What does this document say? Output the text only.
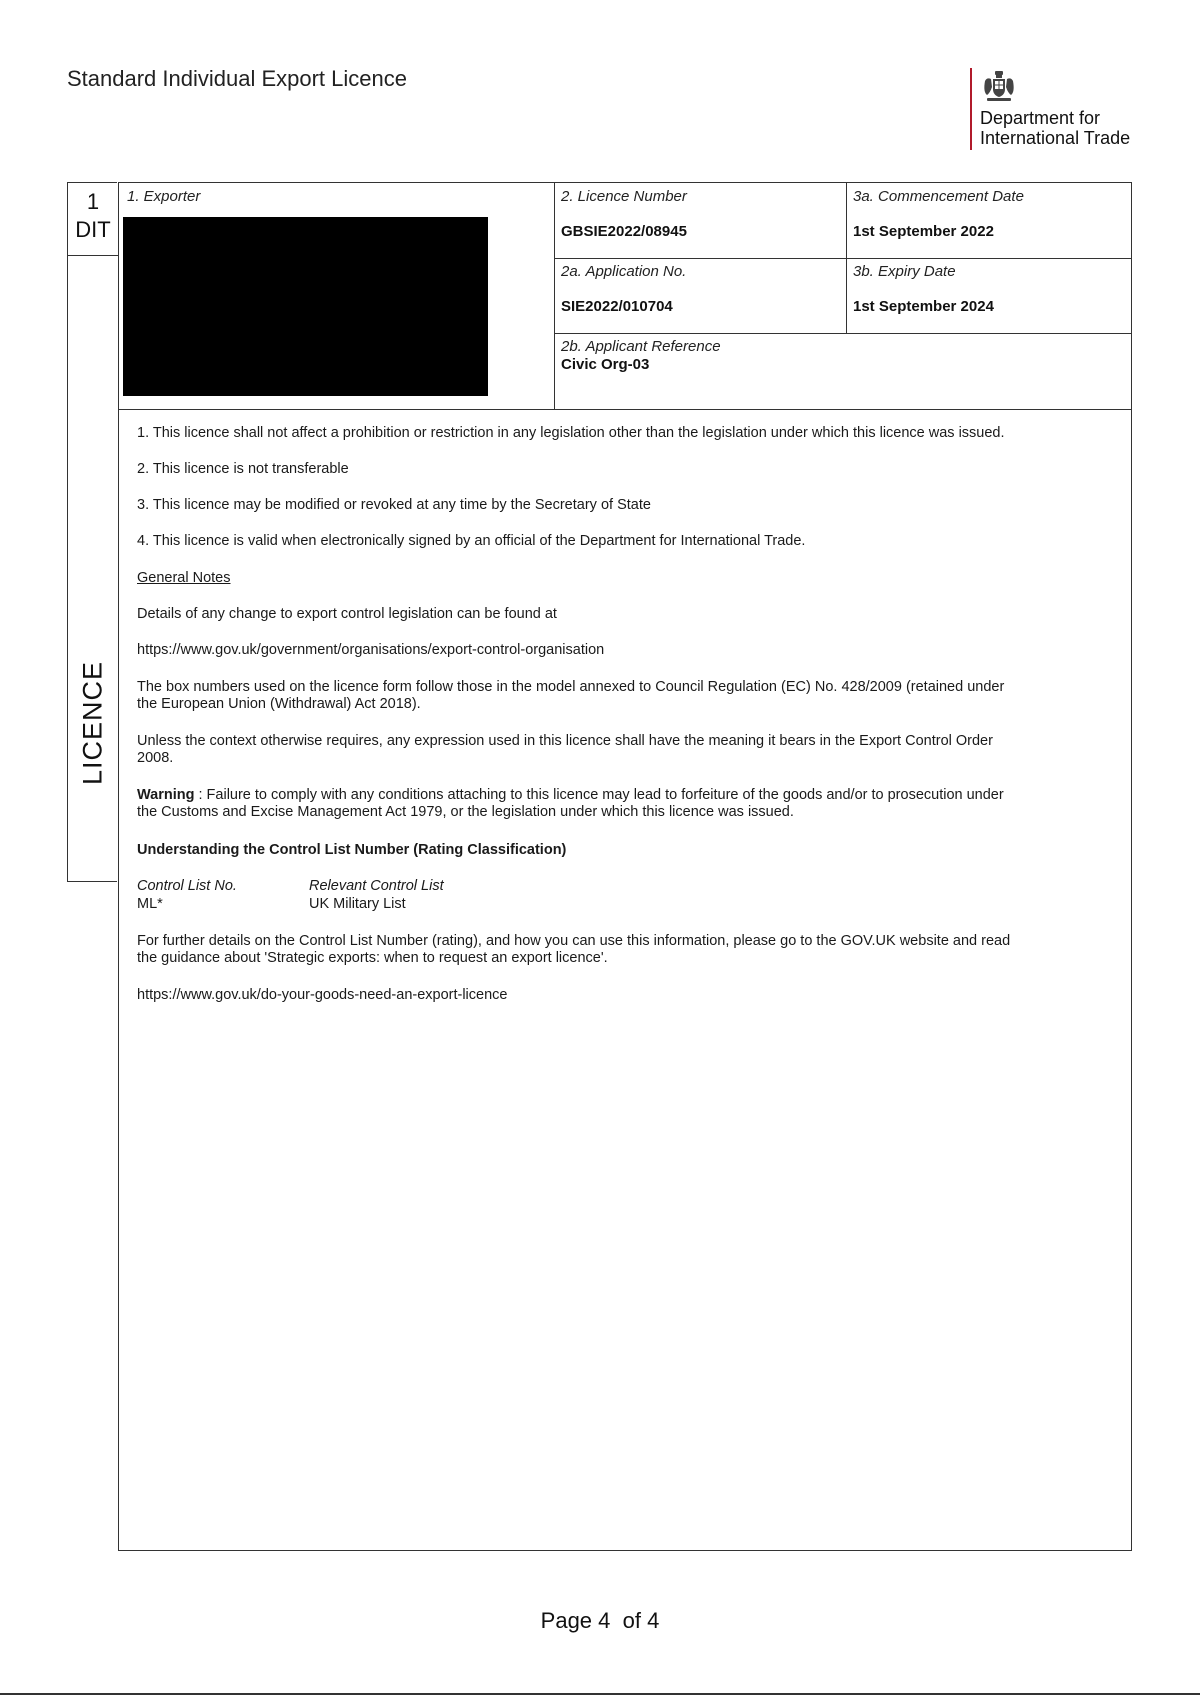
Standard Individual Export Licence
Department for
International Trade
1
DIT
LICENCE
1. Exporter	2. Licence Number
GBSIE2022/08945
3a. Commencement Date
1st September 2022
2a. Application No.
SIE2022/010704
3b. Expiry Date
1st September 2024
2b. Applicant Reference
Civic Org-03
1. This licence shall not affect a prohibition or restriction in any legislation other than the legislation under which this licence was issued.
2. This licence is not transferable
3. This licence may be modified or revoked at any time by the Secretary of State
4. This licence is valid when electronically signed by an official of the Department for International Trade.
General Notes
Details of any change to export control legislation can be found at
https://www.gov.uk/government/organisations/export-control-organisation
The box numbers used on the licence form follow those in the model annexed to Council Regulation (EC) No. 428/2009 (retained under
the European Union (Withdrawal) Act 2018).
Unless the context otherwise requires, any expression used in this licence shall have the meaning it bears in the Export Control Order
2008.
Warning : Failure to comply with any conditions attaching to this licence may lead to forfeiture of the goods and/or to prosecution under
the Customs and Excise Management Act 1979, or the legislation under which this licence was issued.
Understanding the Control List Number (Rating Classification)
Control List No.	Relevant Control List
ML*	UK Military List
For further details on the Control List Number (rating), and how you can use this information, please go to the GOV.UK website and read
the guidance about 'Strategic exports: when to request an export licence'.
https://www.gov.uk/do-your-goods-need-an-export-licence
Page 4 of 4
